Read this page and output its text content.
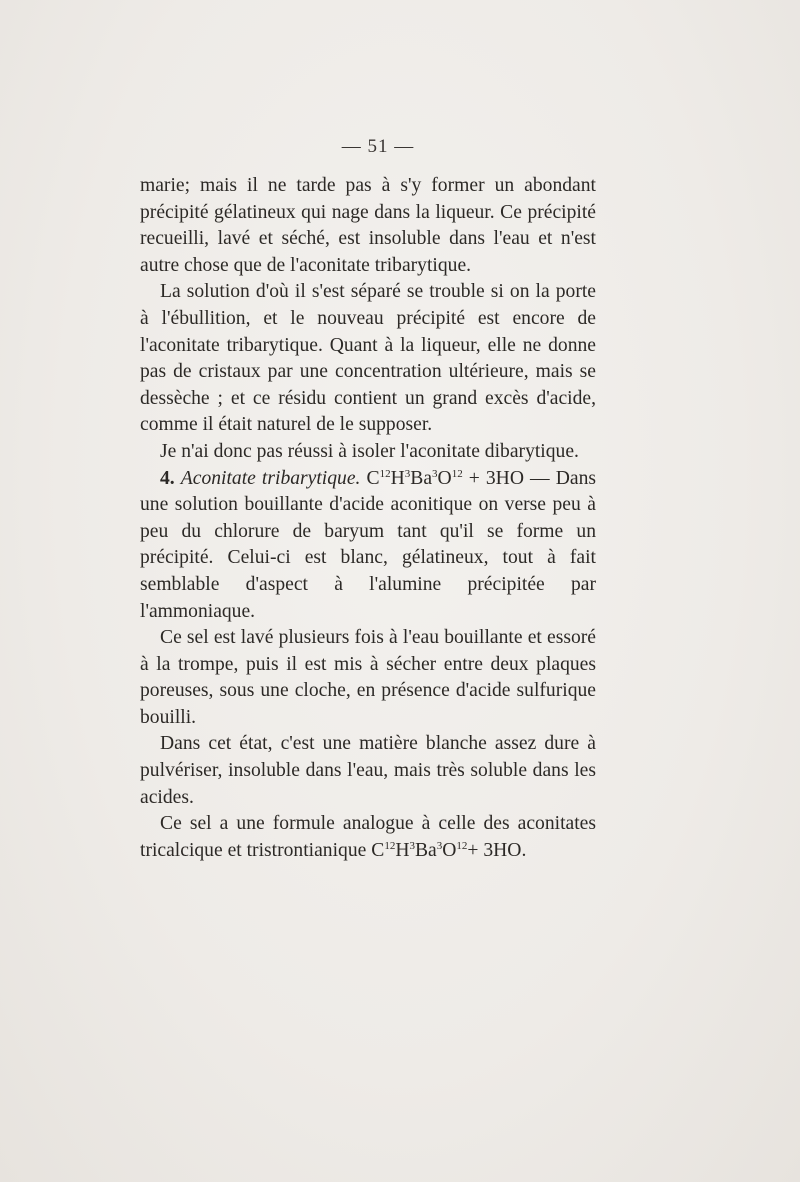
— 51 —

marie; mais il ne tarde pas à s'y former un abondant précipité gélatineux qui nage dans la liqueur. Ce précipité recueilli, lavé et séché, est insoluble dans l'eau et n'est autre chose que de l'aconitate tribarytique.

La solution d'où il s'est séparé se trouble si on la porte à l'ébullition, et le nouveau précipité est encore de l'aconitate tribarytique. Quant à la liqueur, elle ne donne pas de cristaux par une concentration ultérieure, mais se dessèche ; et ce résidu contient un grand excès d'acide, comme il était naturel de le supposer.

Je n'ai donc pas réussi à isoler l'aconitate dibarytique.

4. Aconitate tribarytique. $C^{12}H^3Ba^3O^{12} + 3HO$ — Dans une solution bouillante d'acide aconitique on verse peu à peu du chlorure de baryum tant qu'il se forme un précipité. Celui-ci est blanc, gélatineux, tout à fait semblable d'aspect à l'alumine précipitée par l'ammoniaque.

Ce sel est lavé plusieurs fois à l'eau bouillante et essoré à la trompe, puis il est mis à sécher entre deux plaques poreuses, sous une cloche, en présence d'acide sulfurique bouilli.

Dans cet état, c'est une matière blanche assez dure à pulvériser, insoluble dans l'eau, mais très soluble dans les acides.

Ce sel a une formule analogue à celle des aconitates tricalcique et tristrontianique $C^{12}H^3Ba^3O^{12}+ 3HO$.
